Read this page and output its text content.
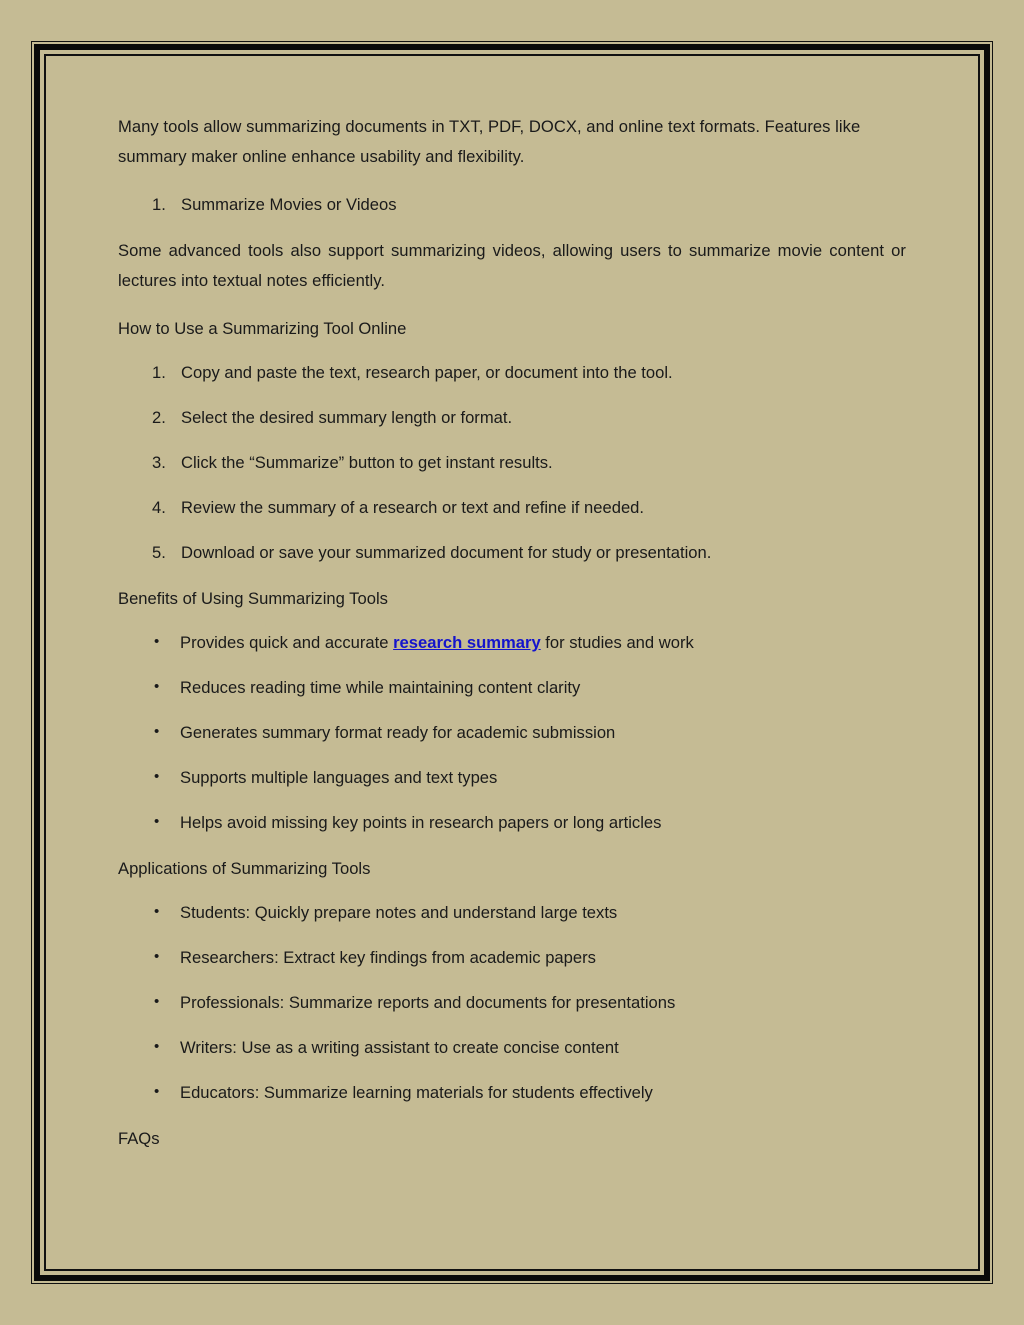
Many tools allow summarizing documents in TXT, PDF, DOCX, and online text formats. Features like summary maker online enhance usability and flexibility.

Summarize Movies or Videos

Some advanced tools also support summarizing videos, allowing users to summarize movie content or lectures into textual notes efficiently.

How to Use a Summarizing Tool Online

Copy and paste the text, research paper, or document into the tool.
Select the desired summary length or format.
Click the “Summarize” button to get instant results.
Review the summary of a research or text and refine if needed.
Download or save your summarized document for study or presentation.

Benefits of Using Summarizing Tools

• Provides quick and accurate research summary for studies and work
• Reduces reading time while maintaining content clarity
• Generates summary format ready for academic submission
• Supports multiple languages and text types
• Helps avoid missing key points in research papers or long articles

Applications of Summarizing Tools

• Students: Quickly prepare notes and understand large texts
• Researchers: Extract key findings from academic papers
• Professionals: Summarize reports and documents for presentations
• Writers: Use as a writing assistant to create concise content
• Educators: Summarize learning materials for students effectively

FAQs
